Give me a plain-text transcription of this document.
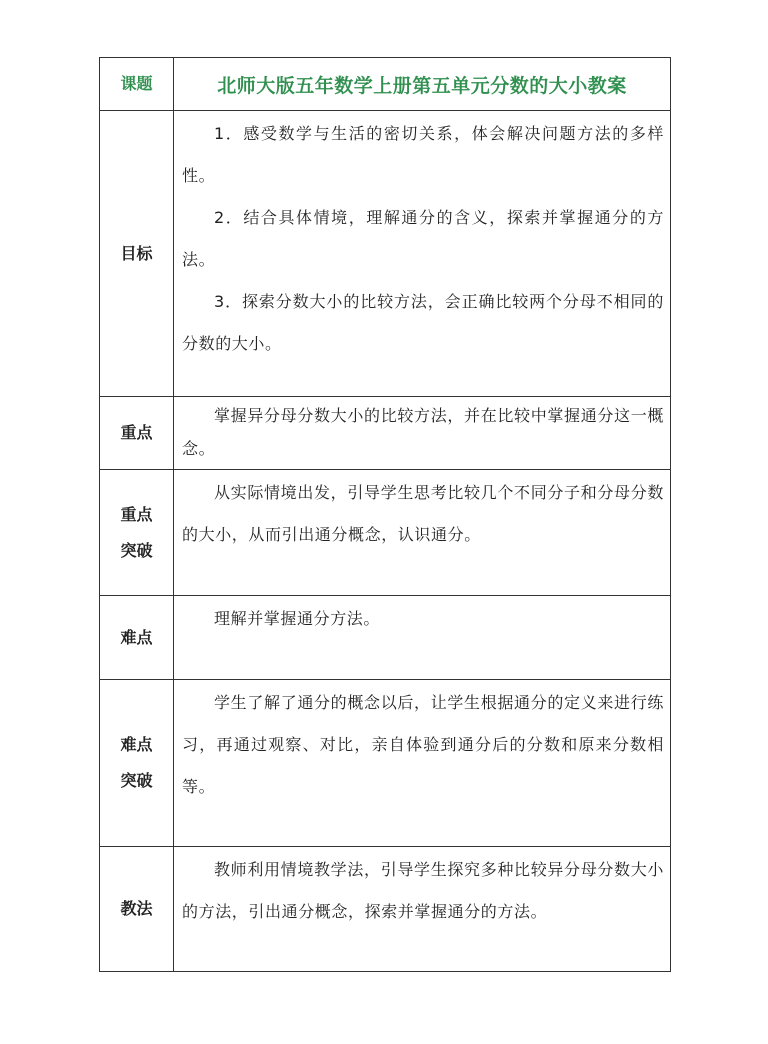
课题	北师大版五年数学上册第五单元分数的大小教案
目标	1．感受数学与生活的密切关系，体会解决问题方法的多样性。

2．结合具体情境，理解通分的含义，探索并掌握通分的方法。

3．探索分数大小的比较方法，会正确比较两个分母不相同的分数的大小。

重点	掌握异分母分数大小的比较方法，并在比较中掌握通分这一概念。

重点
突破	从实际情境出发，引导学生思考比较几个不同分子和分母分数的大小，从而引出通分概念，认识通分。

难点	理解并掌握通分方法。

难点
突破	学生了解了通分的概念以后，让学生根据通分的定义来进行练习，再通过观察、对比，亲自体验到通分后的分数和原来分数相等。

教法	教师利用情境教学法，引导学生探究多种比较异分母分数大小的方法，引出通分概念，探索并掌握通分的方法。
